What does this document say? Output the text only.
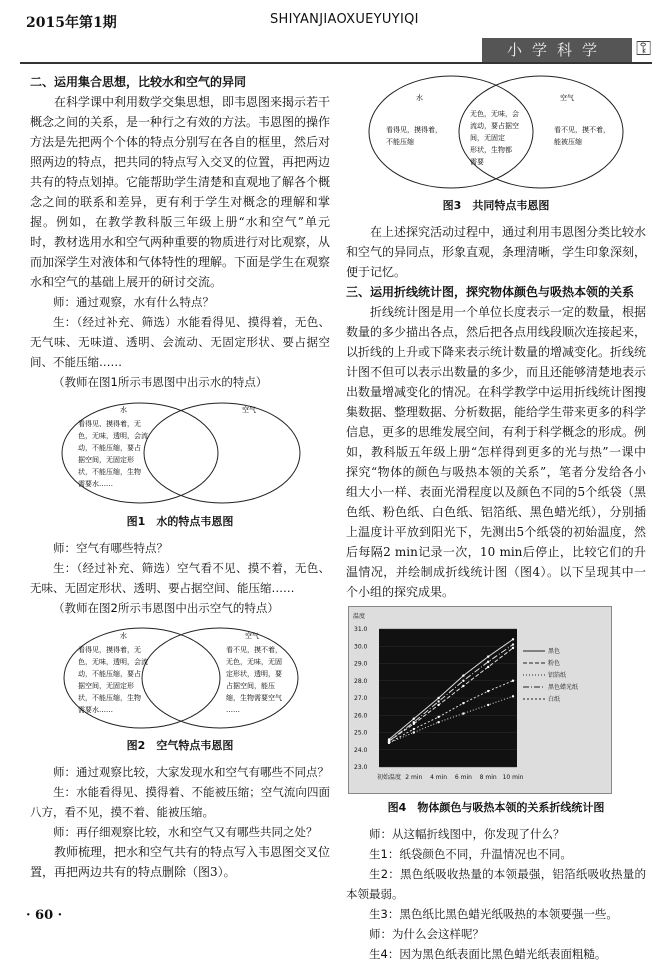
2015年第1期	SHIYANJIAOXUEYUYIQI
小学科学	⚿

二、运用集合思想，比较水和空气的异同

在科学课中利用数学交集思想，即韦恩图来揭示若干概念之间的关系，是一种行之有效的方法。韦恩图的操作方法是先把两个个体的特点分别写在各自的框里，然后对照两边的特点，把共同的特点写入交叉的位置，再把两边共有的特点划掉。它能帮助学生清楚和直观地了解各个概念之间的联系和差异，更有利于学生对概念的理解和掌握。例如，在教学教科版三年级上册“水和空气”单元时，教材选用水和空气两种重要的物质进行对比观察，从而加深学生对液体和气体特性的理解。下面是学生在观察水和空气的基础上展开的研讨交流。

师：通过观察，水有什么特点？

生：（经过补充、筛选）水能看得见、摸得着，无色、无气味、无味道、透明、会流动、无固定形状、要占据空间、不能压缩……

（教师在图1所示韦恩图中出示水的特点）

水	空气
看得见、摸得着，无
色，无味，透明，会流
动，不能压缩，要占
据空间，无固定形
状，不能压缩，生物
需要水……
图1　水的特点韦恩图

师：空气有哪些特点？

生：（经过补充、筛选）空气看不见、摸不着，无色、无味、无固定形状、透明、要占据空间、能压缩……

（教师在图2所示韦恩图中出示空气的特点）

水	空气
看得见，摸得着，无
色，无味，透明，会流
动，不能压缩，要占
据空间，无固定形
状，不能压缩，生物
需要水……
看不见，摸不着，
无色，无味，无固
定形状，透明，要
占据空间，能压
缩，生物需要空气
……
图2　空气特点韦恩图

师：通过观察比较，大家发现水和空气有哪些不同点？

生：水能看得见、摸得着、不能被压缩；空气流向四面八方，看不见，摸不着、能被压缩。

师：再仔细观察比较，水和空气又有哪些共同之处？

教师梳理，把水和空气共有的特点写入韦恩图交叉位置，再把两边共有的特点删除（图3）。

水	空气
看得见，摸得着，
不能压缩
无色，无味，会
流动，要占据空
间，无固定
形状，生物都
需要
看不见，摸不着，
能被压缩
图3　共同特点韦恩图

在上述探究活动过程中，通过利用韦恩图分类比较水和空气的异同点，形象直观，条理清晰，学生印象深刻，便于记忆。

三、运用折线统计图，探究物体颜色与吸热本领的关系

折线统计图是用一个单位长度表示一定的数量，根据数量的多少描出各点，然后把各点用线段顺次连接起来，以折线的上升或下降来表示统计数量的增减变化。折线统计图不但可以表示出数量的多少，而且还能够清楚地表示出数量增减变化的情况。在科学教学中运用折线统计图搜集数据、整理数据、分析数据，能给学生带来更多的科学信息，更多的思维发展空间，有利于科学概念的形成。例如，教科版五年级上册“怎样得到更多的光与热”一课中探究“物体的颜色与吸热本领的关系”，笔者分发给各小组大小一样、表面光滑程度以及颜色不同的5个纸袋（黑色纸、粉色纸、白色纸、铝箔纸、黑色蜡光纸），分别插上温度计平放到阳光下，先测出5个纸袋的初始温度，然后每隔2 min记录一次，10 min后停止，比较它们的升温情况，并绘制成折线统计图（图4）。以下呈现其中一个小组的探究成果。

温度
31.0
30.0
29.0
28.0
27.0
26.0
25.0
24.0
23.0
初始温度 2 min 4 min 6 min 8 min 10 min
黑色
粉色
铝箔纸
黑色蜡光纸
白纸
图4　物体颜色与吸热本领的关系折线统计图

师：从这幅折线图中，你发现了什么？

生1：纸袋颜色不同，升温情况也不同。

生2：黑色纸吸收热量的本领最强，铝箔纸吸收热量的本领最弱。

生3：黑色纸比黑色蜡光纸吸热的本领要强一些。

师：为什么会这样呢？

生4：因为黑色纸表面比黑色蜡光纸表面粗糙。

· 60 ·
